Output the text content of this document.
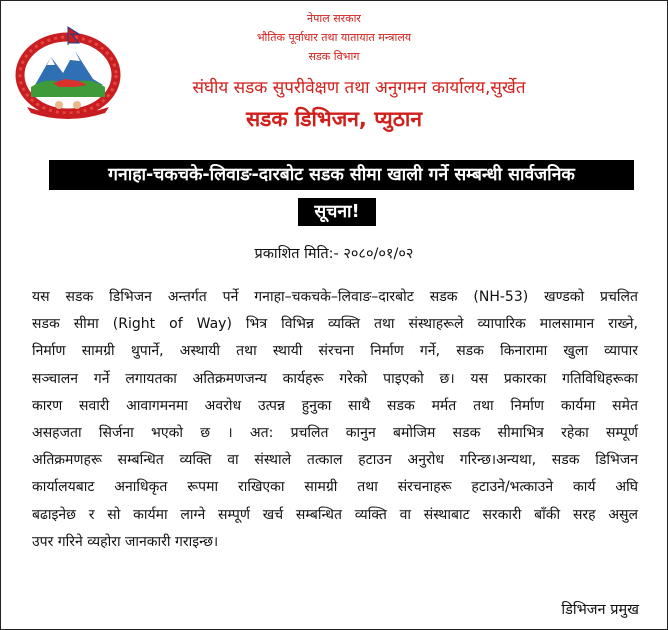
नेपाल सरकार
भौतिक पूर्वाधार तथा यातायात मन्त्रालय
सडक विभाग
संघीय सडक सुपरीवेक्षण तथा अनुगमन कार्यालय,सुर्खेत
सडक डिभिजन, प्युठान
गनाहा-चकचके-लिवाङ-दारबोट सडक सीमा खाली गर्ने सम्बन्धी सार्वजनिक
सूचना!
प्रकाशित मिति:- २०८०/०१/०२
यस सडक डिभिजन अन्तर्गत पर्ने गनाहा–चकचके–लिवाङ–दारबोट सडक (NH-53) खण्डको प्रचलित
सडक सीमा (Right of Way) भित्र विभिन्न व्यक्ति तथा संस्थाहरूले व्यापारिक मालसामान राख्ने,
निर्माण सामग्री थुपार्ने, अस्थायी तथा स्थायी संरचना निर्माण गर्ने, सडक किनारामा खुला व्यापार
सञ्चालन गर्ने लगायतका अतिक्रमणजन्य कार्यहरू गरेको पाइएको छ। यस प्रकारका गतिविधिहरूका
कारण सवारी आवागमनमा अवरोध उत्पन्न हुनुका साथै सडक मर्मत तथा निर्माण कार्यमा समेत
असहजता सिर्जना भएको छ । अत: प्रचलित कानुन बमोजिम सडक सीमाभित्र रहेका सम्पूर्ण
अतिक्रमणहरू सम्बन्धित व्यक्ति वा संस्थाले तत्काल हटाउन अनुरोध गरिन्छ।अन्यथा, सडक डिभिजन
कार्यालयबाट अनाधिकृत रूपमा राखिएका सामग्री तथा संरचनाहरू हटाउने/भत्काउने कार्य अघि
बढाइनेछ र सो कार्यमा लाग्ने सम्पूर्ण खर्च सम्बन्धित व्यक्ति वा संस्थाबाट सरकारी बाँकी सरह असुल
उपर गरिने व्यहोरा जानकारी गराइन्छ।
डिभिजन प्रमुख
